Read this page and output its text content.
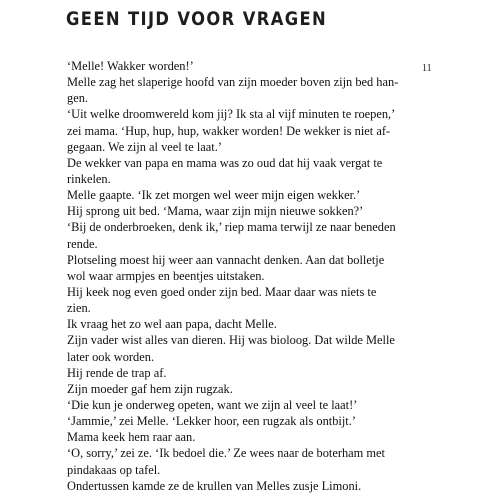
GEEN TIJD VOOR VRAGEN
11
‘Melle! Wakker worden!’
Melle zag het slaperige hoofd van zijn moeder boven zijn bed han-
gen.
‘Uit welke droomwereld kom jij? Ik sta al vijf minuten te roepen,’
zei mama. ‘Hup, hup, hup, wakker worden! De wekker is niet af-
gegaan. We zijn al veel te laat.’
De wekker van papa en mama was zo oud dat hij vaak vergat te
rinkelen.
Melle gaapte. ‘Ik zet morgen wel weer mijn eigen wekker.’
Hij sprong uit bed. ‘Mama, waar zijn mijn nieuwe sokken?’
‘Bij de onderbroeken, denk ik,’ riep mama terwijl ze naar beneden
rende.
Plotseling moest hij weer aan vannacht denken. Aan dat bolletje
wol waar armpjes en beentjes uitstaken.
Hij keek nog even goed onder zijn bed. Maar daar was niets te
zien.
Ik vraag het zo wel aan papa, dacht Melle.
Zijn vader wist alles van dieren. Hij was bioloog. Dat wilde Melle
later ook worden.
Hij rende de trap af.
Zijn moeder gaf hem zijn rugzak.
‘Die kun je onderweg opeten, want we zijn al veel te laat!’
‘Jammie,’ zei Melle. ‘Lekker hoor, een rugzak als ontbijt.’
Mama keek hem raar aan.
‘O, sorry,’ zei ze. ‘Ik bedoel die.’ Ze wees naar de boterham met
pindakaas op tafel.
Ondertussen kamde ze de krullen van Melles zusje Limoni.
